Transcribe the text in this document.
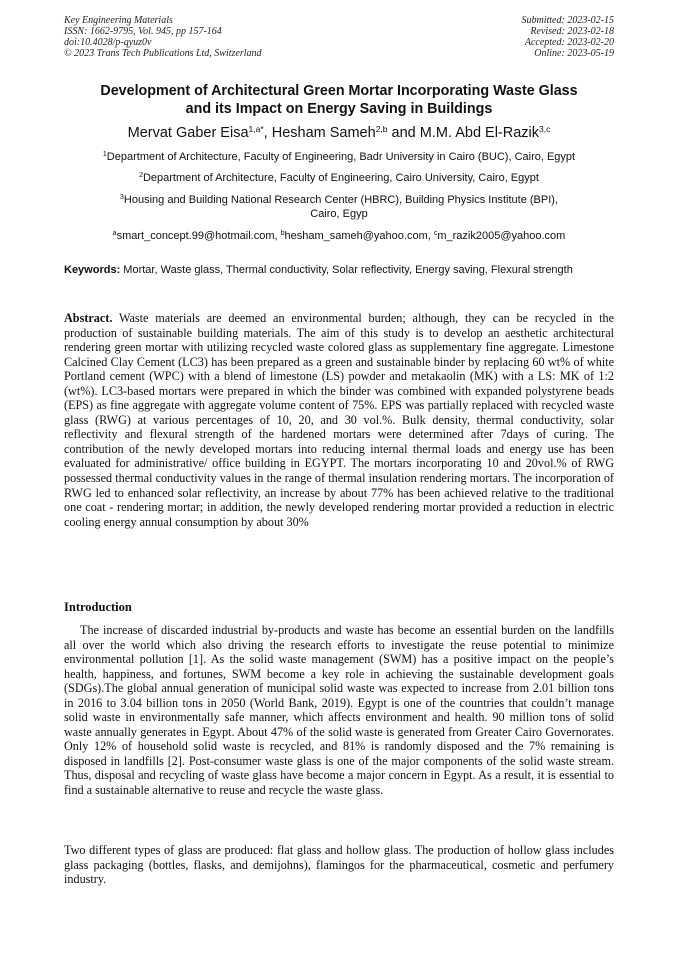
Key Engineering Materials
ISSN: 1662-9795, Vol. 945, pp 157-164
doi:10.4028/p-qyuz0v
© 2023 Trans Tech Publications Ltd, Switzerland
Submitted: 2023-02-15
Revised: 2023-02-18
Accepted: 2023-02-20
Online: 2023-05-19
Development of Architectural Green Mortar Incorporating Waste Glass
and its Impact on Energy Saving in Buildings
Mervat Gaber Eisa$^{1,a*}$, Hesham Sameh$^{2,b}$ and M.M. Abd El-Razik$^{3,c}$
$^1$Department of Architecture, Faculty of Engineering, Badr University in Cairo (BUC), Cairo, Egypt
$^2$Department of Architecture, Faculty of Engineering, Cairo University, Cairo, Egypt
$^3$Housing and Building National Research Center (HBRC), Building Physics Institute (BPI),
Cairo, Egyp
$^a$smart_concept.99@hotmail.com, $^b$hesham_sameh@yahoo.com, $^c$m_razik2005@yahoo.com
Keywords: Mortar, Waste glass, Thermal conductivity, Solar reflectivity, Energy saving, Flexural strength
Abstract. Waste materials are deemed an environmental burden; although, they can be recycled in the production of sustainable building materials. The aim of this study is to develop an aesthetic architectural rendering green mortar with utilizing recycled waste colored glass as supplementary fine aggregate. Limestone Calcined Clay Cement (LC3) has been prepared as a green and sustainable binder by replacing 60 wt% of white Portland cement (WPC) with a blend of limestone (LS) powder and metakaolin (MK) with a LS: MK of 1:2 (wt%). LC3-based mortars were prepared in which the binder was combined with expanded polystyrene beads (EPS) as fine aggregate with aggregate volume content of 75%. EPS was partially replaced with recycled waste glass (RWG) at various percentages of 10, 20, and 30 vol.%. Bulk density, thermal conductivity, solar reflectivity and flexural strength of the hardened mortars were determined after 7days of curing. The contribution of the newly developed mortars into reducing internal thermal loads and energy use has been evaluated for administrative/ office building in EGYPT. The mortars incorporating 10 and 20vol.% of RWG possessed thermal conductivity values in the range of thermal insulation rendering mortars. The incorporation of RWG led to enhanced solar reflectivity, an increase by about 77% has been achieved relative to the traditional one coat - rendering mortar; in addition, the newly developed rendering mortar provided a reduction in electric cooling energy annual consumption by about 30%
Introduction
The increase of discarded industrial by-products and waste has become an essential burden on the landfills all over the world which also driving the research efforts to investigate the reuse potential to minimize environmental pollution [1]. As the solid waste management (SWM) has a positive impact on the people’s health, happiness, and fortunes, SWM become a key role in achieving the sustainable development goals (SDGs).The global annual generation of municipal solid waste was expected to increase from 2.01 billion tons in 2016 to 3.04 billion tons in 2050 (World Bank, 2019). Egypt is one of the countries that couldn’t manage solid waste in environmentally safe manner, which affects environment and health. 90 million tons of solid waste annually generates in Egypt. About 47% of the solid waste is generated from Greater Cairo Governorates. Only 12% of household solid waste is recycled, and 81% is randomly disposed and the 7% remaining is disposed in landfills [2]. Post-consumer waste glass is one of the major components of the solid waste stream. Thus, disposal and recycling of waste glass have become a major concern in Egypt. As a result, it is essential to find a sustainable alternative to reuse and recycle the waste glass.
Two different types of glass are produced: flat glass and hollow glass. The production of hollow glass includes glass packaging (bottles, flasks, and demijohns), flamingos for the pharmaceutical, cosmetic and perfumery industry.
